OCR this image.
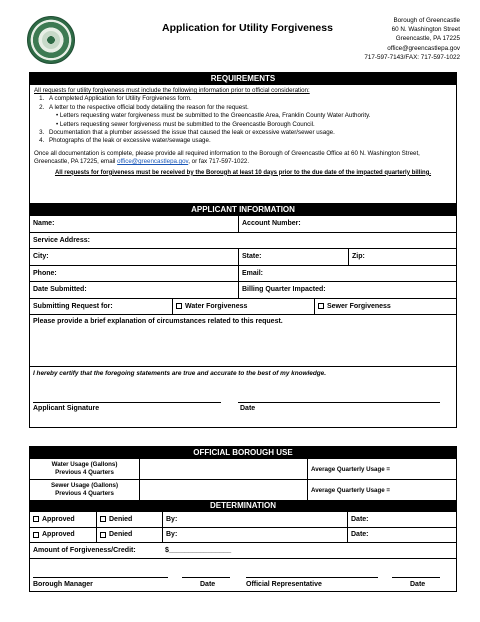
Application for Utility Forgiveness
Borough of Greencastle
60 N. Washington Street
Greencastle, PA 17225
office@greencastlepa.gov
717-597-7143/FAX: 717-597-1022
REQUIREMENTS
All requests for utility forgiveness must include the following information prior to official consideration:
1. A completed Application for Utility Forgiveness form.
2. A letter to the respective official body detailing the reason for the request.
• Letters requesting water forgiveness must be submitted to the Greencastle Area, Franklin County Water Authority.
• Letters requesting sewer forgiveness must be submitted to the Greencastle Borough Council.
3. Documentation that a plumber assessed the issue that caused the leak or excessive water/sewer usage.
4. Photographs of the leak or excessive water/sewage usage.
Once all documentation is complete, please provide all required information to the Borough of Greencastle Office at 60 N. Washington Street, Greencastle, PA 17225, email office@greencastlepa.gov, or fax 717-597-1022.
All requests for forgiveness must be received by the Borough at least 10 days prior to the due date of the impacted quarterly billing.
APPLICANT INFORMATION
Name:	Account Number:
Service Address:
City:	State:	Zip:
Phone:	Email:
Date Submitted:	Billing Quarter Impacted:
Submitting Request for:	Water Forgiveness	Sewer Forgiveness
Please provide a brief explanation of circumstances related to this request.
I hereby certify that the foregoing statements are true and accurate to the best of my knowledge.
Applicant Signature	Date
OFFICIAL BOROUGH USE
Water Usage (Gallons)
Previous 4 Quarters	Average Quarterly Usage =
Sewer Usage (Gallons)
Previous 4 Quarters	Average Quarterly Usage =
DETERMINATION
Approved	Denied	By:	Date:
Approved	Denied	By:	Date:
Amount of Forgiveness/Credit:	$________________
Borough Manager	Date	Official Representative	Date
